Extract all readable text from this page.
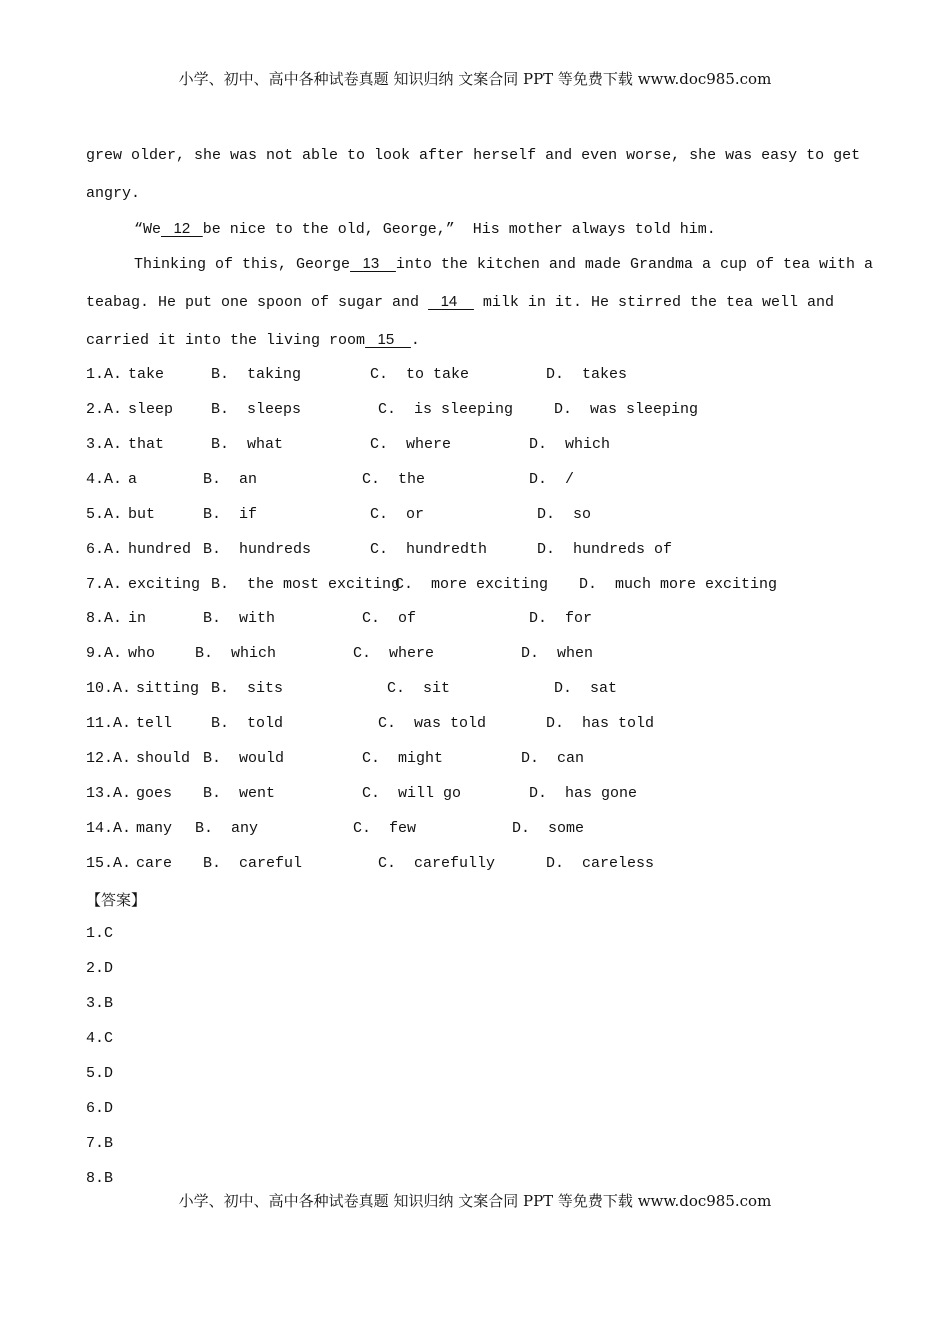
小学、初中、高中各种试卷真题 知识归纳 文案合同 PPT 等免费下载 www.doc985.com
grew older, she was not able to look after herself and even worse, she was easy to get
angry.
“We   12   be nice to the old, George,”  His mother always told him.
Thinking of this, George   13    into the kitchen and made Grandma a cup of tea with a
teabag. He put one spoon of sugar and    14     milk in it. He stirred the tea well and
carried it into the living room   15    .
1.A. take	B.  taking	C.  to take	D.  takes
2.A. sleep	B.  sleeps	C.  is sleeping	D.  was sleeping
3.A. that	B.  what	C.  where	D.  which
4.A. a	B.  an	C.  the	D.  /
5.A. but	B.  if	C.  or	D.  so
6.A. hundred B.  hundreds	C.  hundredth	D.  hundreds of
7.A. exciting B.  the most exciting
C.  more exciting D.  much more exciting
8.A. in	B.  with	C.  of	D.  for
9.A. who	B.  which	C.  where	D.  when
10.A. sitting B.  sits	C.  sit	D.  sat
11.A. tell	B.  told	C.  was told	D.  has told
12.A. should B.  would	C.  might	D.  can
13.A. goes B.  went	C.  will go	D.  has gone
14.A. many B.  any	C.  few	D.  some
15.A. care B.  careful	C.  carefully	D.  careless
【答案】
1.C
2.D
3.B
4.C
5.D
6.D
7.B
8.B
小学、初中、高中各种试卷真题 知识归纳 文案合同 PPT 等免费下载 www.doc985.com
